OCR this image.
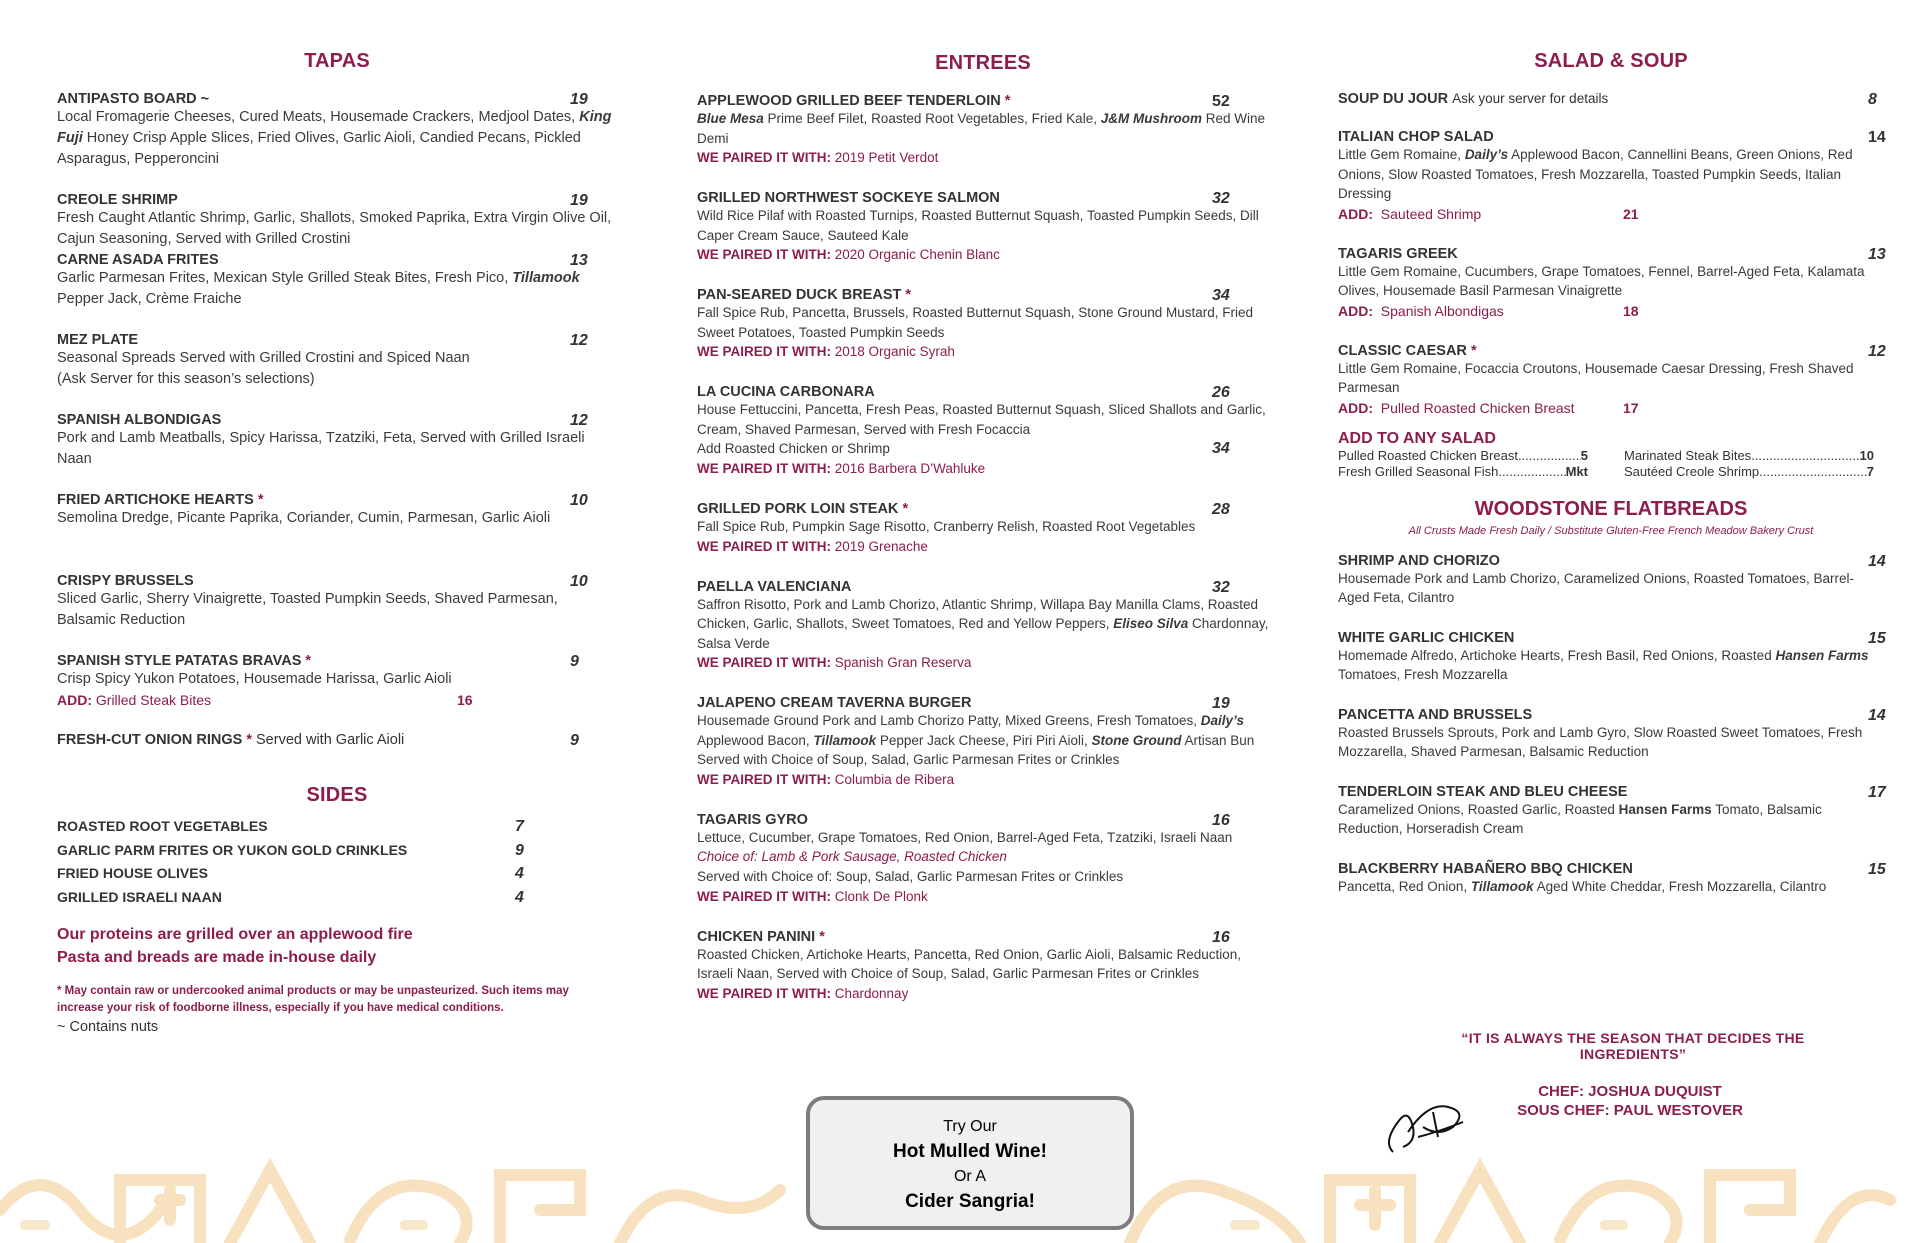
TAPAS
ANTIPASTO BOARD ~	19
Local Fromagerie Cheeses, Cured Meats, Housemade Crackers, Medjool Dates, King Fuji Honey Crisp Apple Slices, Fried Olives, Garlic Aioli, Candied Pecans, Pickled Asparagus, Pepperoncini
CREOLE SHRIMP	19
Fresh Caught Atlantic Shrimp, Garlic, Shallots, Smoked Paprika, Extra Virgin Olive Oil, Cajun Seasoning, Served with Grilled Crostini
CARNE ASADA FRITES	13
Garlic Parmesan Frites, Mexican Style Grilled Steak Bites, Fresh Pico, Tillamook Pepper Jack, Crème Fraiche
MEZ PLATE	12
Seasonal Spreads Served with Grilled Crostini and Spiced Naan
(Ask Server for this season’s selections)
SPANISH ALBONDIGAS	12
Pork and Lamb Meatballs, Spicy Harissa, Tzatziki, Feta, Served with Grilled Israeli Naan
FRIED ARTICHOKE HEARTS *	10
Semolina Dredge, Picante Paprika, Coriander, Cumin, Parmesan, Garlic Aioli
CRISPY BRUSSELS	10
Sliced Garlic, Sherry Vinaigrette, Toasted Pumpkin Seeds, Shaved Parmesan, Balsamic Reduction
SPANISH STYLE PATATAS BRAVAS *	9
Crisp Spicy Yukon Potatoes, Housemade Harissa, Garlic Aioli
ADD: Grilled Steak Bites	16
FRESH-CUT ONION RINGS * Served with Garlic Aioli	9
SIDES
ROASTED ROOT VEGETABLES	7
GARLIC PARM FRITES OR YUKON GOLD CRINKLES	9
FRIED HOUSE OLIVES	4
GRILLED ISRAELI NAAN	4
Our proteins are grilled over an applewood fire
Pasta and breads are made in-house daily
* May contain raw or undercooked animal products or may be unpasteurized. Such items may increase your risk of foodborne illness, especially if you have medical conditions.
~ Contains nuts
ENTREES
APPLEWOOD GRILLED BEEF TENDERLOIN *	52
Blue Mesa Prime Beef Filet, Roasted Root Vegetables, Fried Kale, J&M Mushroom Red Wine Demi
WE PAIRED IT WITH: 2019 Petit Verdot
GRILLED NORTHWEST SOCKEYE SALMON	32
Wild Rice Pilaf with Roasted Turnips, Roasted Butternut Squash, Toasted Pumpkin Seeds, Dill Caper Cream Sauce, Sauteed Kale
WE PAIRED IT WITH: 2020 Organic Chenin Blanc
PAN-SEARED DUCK BREAST *	34
Fall Spice Rub, Pancetta, Brussels, Roasted Butternut Squash, Stone Ground Mustard, Fried Sweet Potatoes, Toasted Pumpkin Seeds
WE PAIRED IT WITH: 2018 Organic Syrah
LA CUCINA CARBONARA	26
House Fettuccini, Pancetta, Fresh Peas, Roasted Butternut Squash, Sliced Shallots and Garlic, Cream, Shaved Parmesan, Served with Fresh Focaccia
Add Roasted Chicken or Shrimp	34
WE PAIRED IT WITH: 2016 Barbera D’Wahluke
GRILLED PORK LOIN STEAK *	28
Fall Spice Rub, Pumpkin Sage Risotto, Cranberry Relish, Roasted Root Vegetables
WE PAIRED IT WITH: 2019 Grenache
PAELLA VALENCIANA	32
Saffron Risotto, Pork and Lamb Chorizo, Atlantic Shrimp, Willapa Bay Manilla Clams, Roasted Chicken, Garlic, Shallots, Sweet Tomatoes, Red and Yellow Peppers, Eliseo Silva Chardonnay, Salsa Verde
WE PAIRED IT WITH: Spanish Gran Reserva
JALAPENO CREAM TAVERNA BURGER	19
Housemade Ground Pork and Lamb Chorizo Patty, Mixed Greens, Fresh Tomatoes, Daily’s Applewood Bacon, Tillamook Pepper Jack Cheese, Piri Piri Aioli, Stone Ground Artisan Bun
Served with Choice of Soup, Salad, Garlic Parmesan Frites or Crinkles
WE PAIRED IT WITH: Columbia de Ribera
TAGARIS GYRO	16
Lettuce, Cucumber, Grape Tomatoes, Red Onion, Barrel-Aged Feta, Tzatziki, Israeli Naan
Choice of: Lamb & Pork Sausage, Roasted Chicken
Served with Choice of: Soup, Salad, Garlic Parmesan Frites or Crinkles
WE PAIRED IT WITH: Clonk De Plonk
CHICKEN PANINI *	16
Roasted Chicken, Artichoke Hearts, Pancetta, Red Onion, Garlic Aioli, Balsamic Reduction, Israeli Naan, Served with Choice of Soup, Salad, Garlic Parmesan Frites or Crinkles
WE PAIRED IT WITH: Chardonnay
SALAD & SOUP
SOUP DU JOUR Ask your server for details	8
ITALIAN CHOP SALAD	14
Little Gem Romaine, Daily’s Applewood Bacon, Cannellini Beans, Green Onions, Red Onions, Slow Roasted Tomatoes, Fresh Mozzarella, Toasted Pumpkin Seeds, Italian Dressing
ADD: Sauteed Shrimp	21
TAGARIS GREEK	13
Little Gem Romaine, Cucumbers, Grape Tomatoes, Fennel, Barrel-Aged Feta, Kalamata Olives, Housemade Basil Parmesan Vinaigrette
ADD: Spanish Albondigas	18
CLASSIC CAESAR *	12
Little Gem Romaine, Focaccia Croutons, Housemade Caesar Dressing, Fresh Shaved Parmesan
ADD: Pulled Roasted Chicken Breast	17
ADD TO ANY SALAD
Pulled Roasted Chicken Breast .....	5	Marinated Steak Bites .....	10
Fresh Grilled Seasonal Fish .....	Mkt	Sautéed Creole Shrimp .....	7
WOODSTONE FLATBREADS
All Crusts Made Fresh Daily / Substitute Gluten-Free French Meadow Bakery Crust
SHRIMP AND CHORIZO	14
Housemade Pork and Lamb Chorizo, Caramelized Onions, Roasted Tomatoes, Barrel-Aged Feta, Cilantro
WHITE GARLIC CHICKEN	15
Homemade Alfredo, Artichoke Hearts, Fresh Basil, Red Onions, Roasted Hansen Farms Tomatoes, Fresh Mozzarella
PANCETTA AND BRUSSELS	14
Roasted Brussels Sprouts, Pork and Lamb Gyro, Slow Roasted Sweet Tomatoes, Fresh Mozzarella, Shaved Parmesan, Balsamic Reduction
TENDERLOIN STEAK AND BLEU CHEESE	17
Caramelized Onions, Roasted Garlic, Roasted Hansen Farms Tomato, Balsamic Reduction, Horseradish Cream
BLACKBERRY HABAÑERO BBQ CHICKEN	15
Pancetta, Red Onion, Tillamook Aged White Cheddar, Fresh Mozzarella, Cilantro
“IT IS ALWAYS THE SEASON THAT DECIDES THE INGREDIENTS”
CHEF: JOSHUA DUQUIST
SOUS CHEF: PAUL WESTOVER
Try Our
Hot Mulled Wine!
Or A
Cider Sangria!
